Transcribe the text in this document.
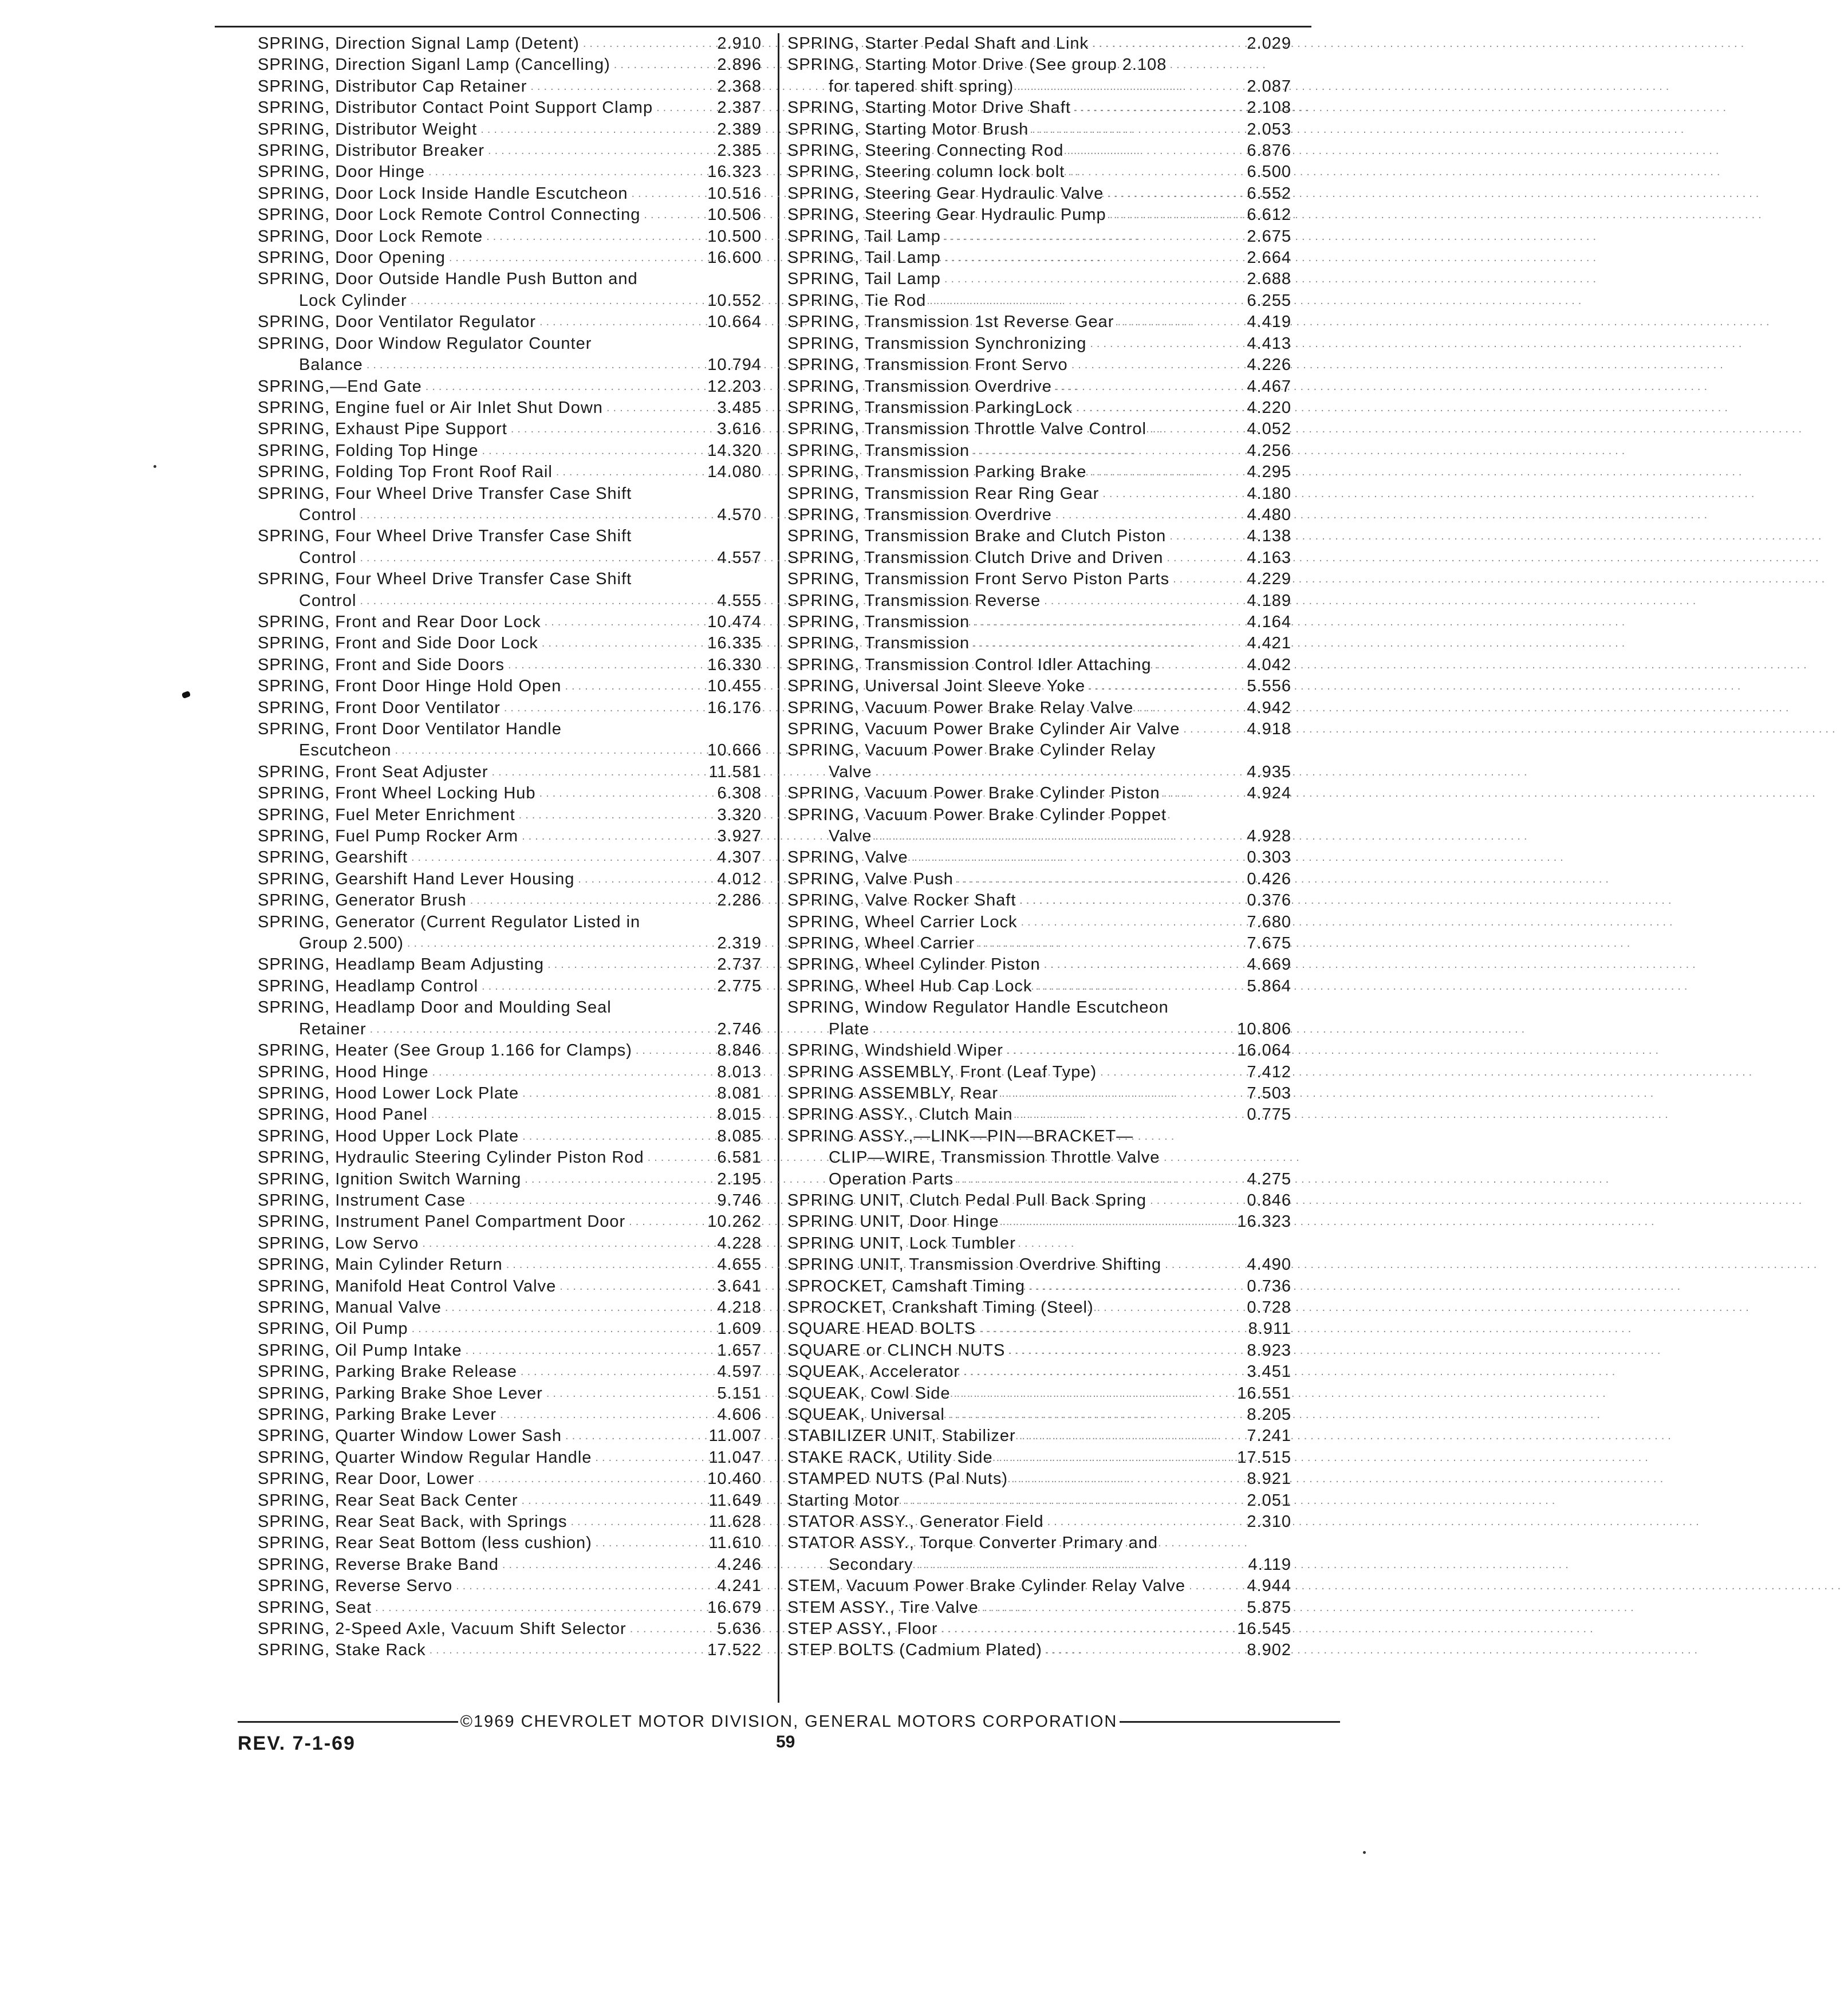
SPRING, Direction Signal Lamp (Detent) .....	2.910
SPRING, Direction Siganl Lamp (Cancelling) .....	2.896
SPRING, Distributor Cap Retainer .....	2.368
SPRING, Distributor Contact Point Support Clamp .....	2.387
SPRING, Distributor Weight .....	2.389
SPRING, Distributor Breaker .....	2.385
SPRING, Door Hinge .....	16.323
SPRING, Door Lock Inside Handle Escutcheon .....	10.516
SPRING, Door Lock Remote Control Connecting .....	10.506
SPRING, Door Lock Remote .....	10.500
SPRING, Door Opening .....	16.600
SPRING, Door Outside Handle Push Button and
Lock Cylinder .....	10.552
SPRING, Door Ventilator Regulator .....	10.664
SPRING, Door Window Regulator Counter
Balance .....	10.794
SPRING,—End Gate .....	12.203
SPRING, Engine fuel or Air Inlet Shut Down .....	3.485
SPRING, Exhaust Pipe Support .....	3.616
SPRING, Folding Top Hinge .....	14.320
SPRING, Folding Top Front Roof Rail .....	14.080
SPRING, Four Wheel Drive Transfer Case Shift
Control .....	4.570
SPRING, Four Wheel Drive Transfer Case Shift
Control .....	4.557
SPRING, Four Wheel Drive Transfer Case Shift
Control .....	4.555
SPRING, Front and Rear Door Lock .....	10.474
SPRING, Front and Side Door Lock .....	16.335
SPRING, Front and Side Doors .....	16.330
SPRING, Front Door Hinge Hold Open .....	10.455
SPRING, Front Door Ventilator .....	16.176
SPRING, Front Door Ventilator Handle
Escutcheon .....	10.666
SPRING, Front Seat Adjuster .....	11.581
SPRING, Front Wheel Locking Hub .....	6.308
SPRING, Fuel Meter Enrichment .....	3.320
SPRING, Fuel Pump Rocker Arm .....	3.927
SPRING, Gearshift .....	4.307
SPRING, Gearshift Hand Lever Housing .....	4.012
SPRING, Generator Brush .....	2.286
SPRING, Generator (Current Regulator Listed in
Group 2.500) .....	2.319
SPRING, Headlamp Beam Adjusting .....	2.737
SPRING, Headlamp Control .....	2.775
SPRING, Headlamp Door and Moulding Seal
Retainer .....	2.746
SPRING, Heater (See Group 1.166 for Clamps) .....	8.846
SPRING, Hood Hinge .....	8.013
SPRING, Hood Lower Lock Plate .....	8.081
SPRING, Hood Panel .....	8.015
SPRING, Hood Upper Lock Plate .....	8.085
SPRING, Hydraulic Steering Cylinder Piston Rod .....	6.581
SPRING, Ignition Switch Warning .....	2.195
SPRING, Instrument Case .....	9.746
SPRING, Instrument Panel Compartment Door .....	10.262
SPRING, Low Servo .....	4.228
SPRING, Main Cylinder Return .....	4.655
SPRING, Manifold Heat Control Valve .....	3.641
SPRING, Manual Valve .....	4.218
SPRING, Oil Pump .....	1.609
SPRING, Oil Pump Intake .....	1.657
SPRING, Parking Brake Release .....	4.597
SPRING, Parking Brake Shoe Lever .....	5.151
SPRING, Parking Brake Lever .....	4.606
SPRING, Quarter Window Lower Sash .....	11.007
SPRING, Quarter Window Regular Handle .....	11.047
SPRING, Rear Door, Lower .....	10.460
SPRING, Rear Seat Back Center .....	11.649
SPRING, Rear Seat Back, with Springs .....	11.628
SPRING, Rear Seat Bottom (less cushion) .....	11.610
SPRING, Reverse Brake Band .....	4.246
SPRING, Reverse Servo .....	4.241
SPRING, Seat .....	16.679
SPRING, 2-Speed Axle, Vacuum Shift Selector .....	5.636
SPRING, Stake Rack .....	17.522
SPRING, Starter Pedal Shaft and Link .....	2.029
SPRING, Starting Motor Drive (See group 2.108
for tapered shift spring) .....	2.087
SPRING, Starting Motor Drive Shaft .....	2.108
SPRING, Starting Motor Brush .....	2.053
SPRING, Steering Connecting Rod .....	6.876
SPRING, Steering column lock bolt .....	6.500
SPRING, Steering Gear Hydraulic Valve .....	6.552
SPRING, Steering Gear Hydraulic Pump .....	6.612
SPRING, Tail Lamp .....	2.675
SPRING, Tail Lamp .....	2.664
SPRING, Tail Lamp .....	2.688
SPRING, Tie Rod .....	6.255
SPRING, Transmission 1st Reverse Gear .....	4.419
SPRING, Transmission Synchronizing .....	4.413
SPRING, Transmission Front Servo .....	4.226
SPRING, Transmission Overdrive .....	4.467
SPRING, Transmission ParkingLock .....	4.220
SPRING, Transmission Throttle Valve Control .....	4.052
SPRING, Transmission .....	4.256
SPRING, Transmission Parking Brake .....	4.295
SPRING, Transmission Rear Ring Gear .....	4.180
SPRING, Transmission Overdrive .....	4.480
SPRING, Transmission Brake and Clutch Piston .....	4.138
SPRING, Transmission Clutch Drive and Driven .....	4.163
SPRING, Transmission Front Servo Piston Parts .....	4.229
SPRING, Transmission Reverse .....	4.189
SPRING, Transmission .....	4.164
SPRING, Transmission .....	4.421
SPRING, Transmission Control Idler Attaching .....	4.042
SPRING, Universal Joint Sleeve Yoke .....	5.556
SPRING, Vacuum Power Brake Relay Valve .....	4.942
SPRING, Vacuum Power Brake Cylinder Air Valve .....	4.918
SPRING, Vacuum Power Brake Cylinder Relay
Valve .....	4.935
SPRING, Vacuum Power Brake Cylinder Piston .....	4.924
SPRING, Vacuum Power Brake Cylinder Poppet
Valve .....	4.928
SPRING, Valve .....	0.303
SPRING, Valve Push .....	0.426
SPRING, Valve Rocker Shaft .....	0.376
SPRING, Wheel Carrier Lock .....	7.680
SPRING, Wheel Carrier .....	7.675
SPRING, Wheel Cylinder Piston .....	4.669
SPRING, Wheel Hub Cap Lock .....	5.864
SPRING, Window Regulator Handle Escutcheon
Plate .....	10.806
SPRING, Windshield Wiper .....	16.064
SPRING ASSEMBLY, Front (Leaf Type) .....	7.412
SPRING ASSEMBLY, Rear .....	7.503
SPRING ASSY., Clutch Main .....	0.775
SPRING ASSY.,—LINK—PIN—BRACKET—
CLIP—WIRE, Transmission Throttle Valve
Operation Parts .....	4.275
SPRING UNIT, Clutch Pedal Pull Back Spring .....	0.846
SPRING UNIT, Door Hinge .....	16.323
SPRING UNIT, Lock Tumbler
SPRING UNIT, Transmission Overdrive Shifting .....	4.490
SPROCKET, Camshaft Timing .....	0.736
SPROCKET, Crankshaft Timing (Steel) .....	0.728
SQUARE HEAD BOLTS .....	8.911
SQUARE or CLINCH NUTS .....	8.923
SQUEAK, Accelerator .....	3.451
SQUEAK, Cowl Side .....	16.551
SQUEAK, Universal .....	8.205
STABILIZER UNIT, Stabilizer .....	7.241
STAKE RACK, Utility Side .....	17.515
STAMPED NUTS (Pal Nuts) .....	8.921
Starting Motor .....	2.051
STATOR ASSY., Generator Field .....	2.310
STATOR ASSY., Torque Converter Primary and
Secondary .....	4.119
STEM, Vacuum Power Brake Cylinder Relay Valve .....	4.944
STEM ASSY., Tire Valve .....	5.875
STEP ASSY., Floor .....	16.545
STEP BOLTS (Cadmium Plated) .....	8.902
©1969 CHEVROLET MOTOR DIVISION, GENERAL MOTORS CORPORATION
REV. 7-1-69	59
